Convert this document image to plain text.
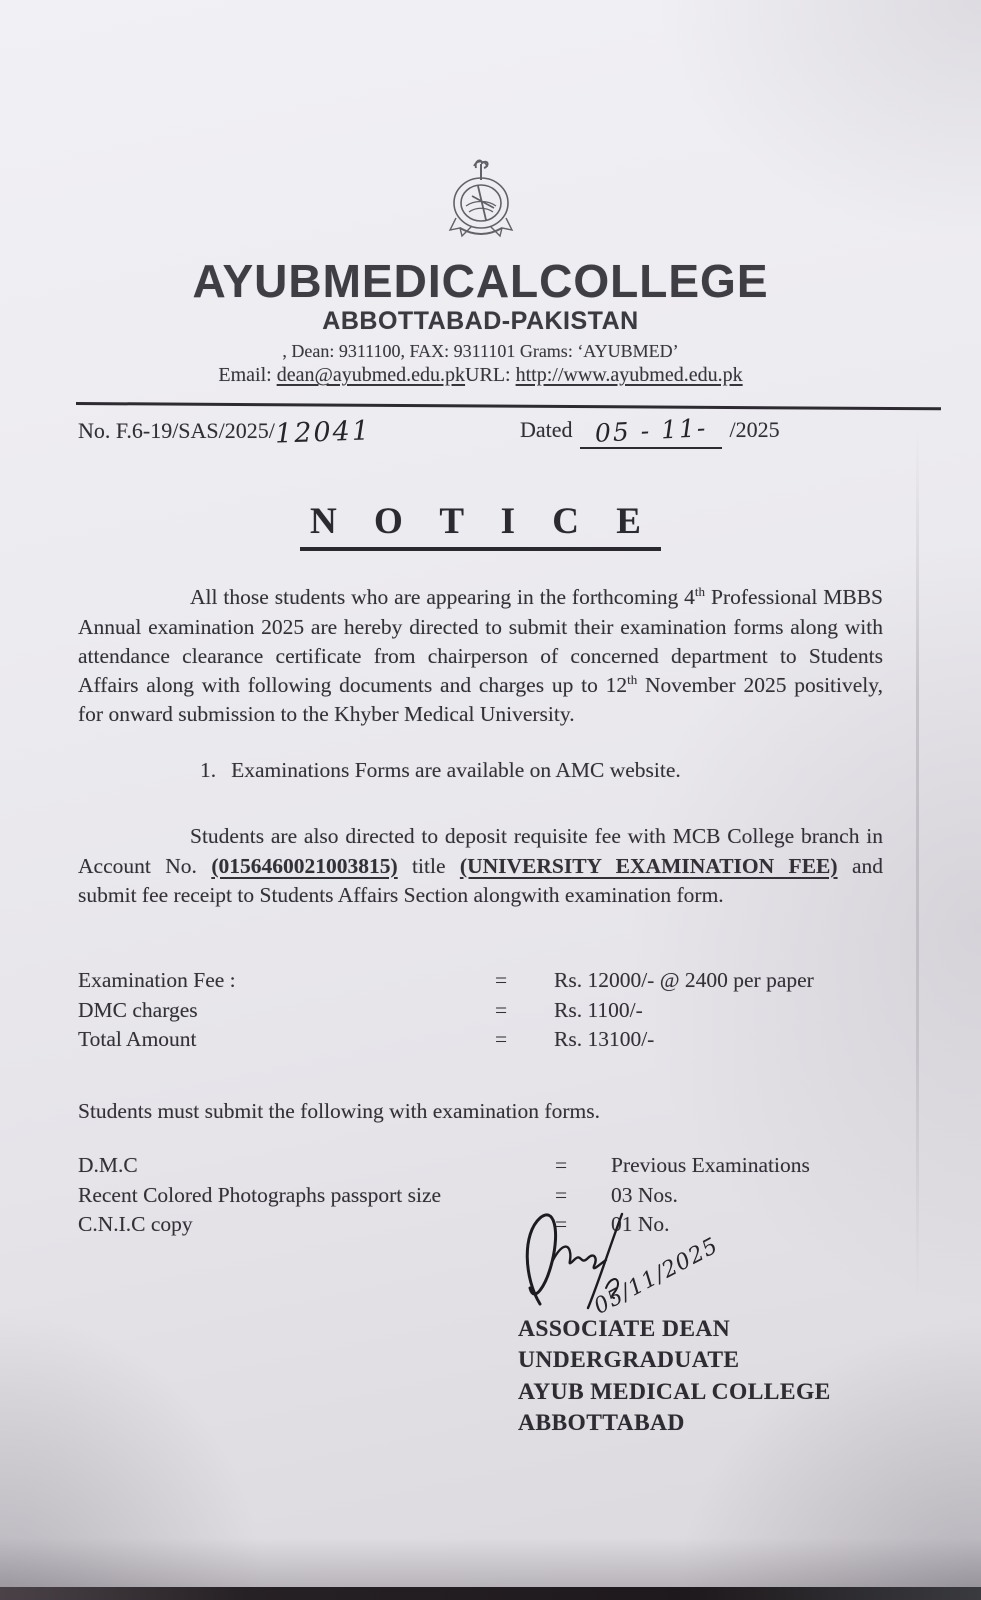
AYUBMEDICALCOLLEGE
ABBOTTABAD-PAKISTAN
, Dean: 9311100, FAX: 9311101 Grams: ‘AYUBMED’
Email: dean@ayubmed.edu.pkURL: http://www.ayubmed.edu.pk
No. F.6-19/SAS/2025/12041	Dated 05 - 11- /2025
N O T I C E

All those students who are appearing in the forthcoming 4th Professional MBBS Annual examination 2025 are hereby directed to submit their examination forms along with attendance clearance certificate from chairperson of concerned department to Students Affairs along with following documents and charges up to 12th November 2025 positively, for onward submission to the Khyber Medical University.

1. Examinations Forms are available on AMC website.

Students are also directed to deposit requisite fee with MCB College branch in Account No. (0156460021003815) title (UNIVERSITY EXAMINATION FEE) and submit fee receipt to Students Affairs Section alongwith examination form.

Examination Fee :	=	Rs. 12000/- @ 2400 per paper
DMC charges	=	Rs. 1100/-
Total Amount	=	Rs. 13100/-
Students must submit the following with examination forms.
D.M.C	=	Previous Examinations
Recent Colored Photographs passport size	=	03 Nos.
C.N.I.C copy	=	01 No.
05/11/2025
ASSOCIATE DEAN
UNDERGRADUATE
AYUB MEDICAL COLLEGE
ABBOTTABAD
